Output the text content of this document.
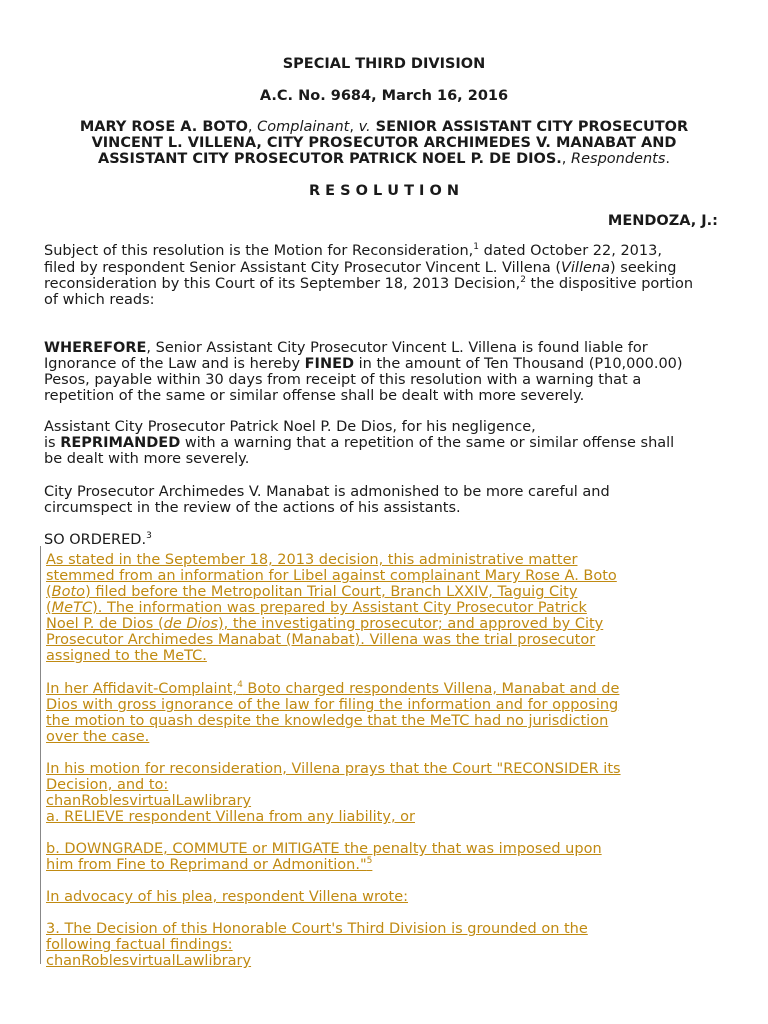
SPECIAL THIRD DIVISION
A.C. No. 9684, March 16, 2016
MARY ROSE A. BOTO, Complainant, v. SENIOR ASSISTANT CITY PROSECUTOR
VINCENT L. VILLENA, CITY PROSECUTOR ARCHIMEDES V. MANABAT AND
ASSISTANT CITY PROSECUTOR PATRICK NOEL P. DE DIOS., Respondents.
R E S O L U T I O N
MENDOZA, J.:
Subject of this resolution is the Motion for Reconsideration,$^1$ dated October 22, 2013,
filed by respondent Senior Assistant City Prosecutor Vincent L. Villena (Villena) seeking
reconsideration by this Court of its September 18, 2013 Decision,$^2$ the dispositive portion
of which reads:
WHEREFORE, Senior Assistant City Prosecutor Vincent L. Villena is found liable for
Ignorance of the Law and is hereby FINED in the amount of Ten Thousand (P10,000.00)
Pesos, payable within 30 days from receipt of this resolution with a warning that a
repetition of the same or similar offense shall be dealt with more severely.
Assistant City Prosecutor Patrick Noel P. De Dios, for his negligence,
is REPRIMANDED with a warning that a repetition of the same or similar offense shall
be dealt with more severely.
City Prosecutor Archimedes V. Manabat is admonished to be more careful and
circumspect in the review of the actions of his assistants.
SO ORDERED.$^3$
As stated in the September 18, 2013 decision, this administrative matter
stemmed from an information for Libel against complainant Mary Rose A. Boto
(Boto) filed before the Metropolitan Trial Court, Branch LXXIV, Taguig City
(MeTC). The information was prepared by Assistant City Prosecutor Patrick
Noel P. de Dios (de Dios), the investigating prosecutor; and approved by City
Prosecutor Archimedes Manabat (Manabat). Villena was the trial prosecutor
assigned to the MeTC.
In her Affidavit-Complaint,$^4$ Boto charged respondents Villena, Manabat and de
Dios with gross ignorance of the law for filing the information and for opposing
the motion to quash despite the knowledge that the MeTC had no jurisdiction
over the case.
In his motion for reconsideration, Villena prays that the Court "RECONSIDER its
Decision, and to:
chanRoblesvirtualLawlibrary
a. RELIEVE respondent Villena from any liability, or
b. DOWNGRADE, COMMUTE or MITIGATE the penalty that was imposed upon
him from Fine to Reprimand or Admonition."$^5$
In advocacy of his plea, respondent Villena wrote:
3. The Decision of this Honorable Court's Third Division is grounded on the
following factual findings:
chanRoblesvirtualLawlibrary
